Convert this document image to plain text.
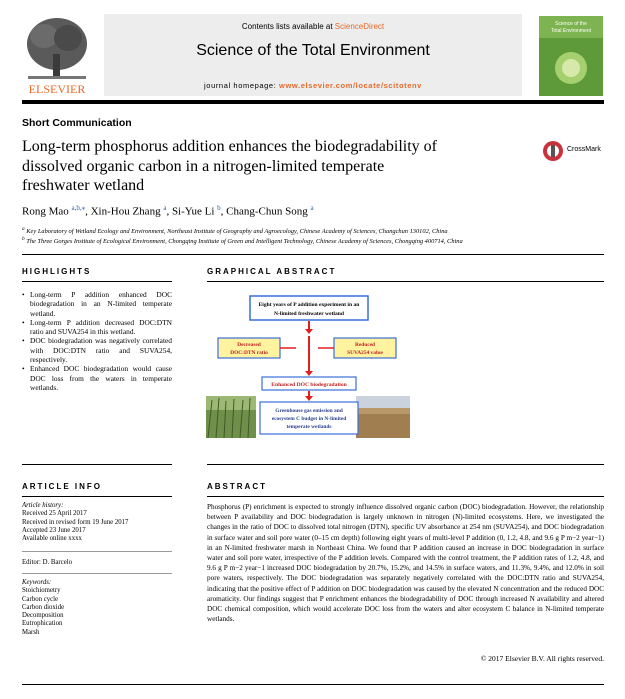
ELSEVIER
Contents lists available at ScienceDirect
Science of the Total Environment
journal homepage: www.elsevier.com/locate/scitotenv
Science of the
Total Environment
Short Communication
Long-term phosphorus addition enhances the biodegradability of
dissolved organic carbon in a nitrogen-limited temperate
freshwater wetland
CrossMark
Rong Mao $^{a,b,⁎}$, Xin-Hou Zhang $^a$, Si-Yue Li $^b$, Chang-Chun Song $^a$
$^a$ Key Laboratory of Wetland Ecology and Environment, Northeast Institute of Geography and Agroecology, Chinese Academy of Sciences, Changchun 130102, China
$^b$ The Three Gorges Institute of Ecological Environment, Chongqing Institute of Green and Intelligent Technology, Chinese Academy of Sciences, Chongqing 400714, China
HIGHLIGHTS
• Long-term P addition enhanced DOC biodegradation in an N-limited temperate wetland.
• Long-term P addition decreased DOC:DTN ratio and SUVA254 in this wetland.
• DOC biodegradation was negatively correlated with DOC:DTN ratio and SUVA254, respectively.
• Enhanced DOC biodegradation would cause DOC loss from the waters in temperate wetlands.
GRAPHICAL ABSTRACT
Eight years of P addition experiment in an
N-limited freshwater wetland
Decreased
DOC:DTN ratio
Reduced
SUVA254 value
Enhanced DOC biodegradation
Greenhouse gas emission and
ecosystem C budget in N-limited
temperate wetlands
ARTICLE INFO
Article history:
Received 25 April 2017
Received in revised form 19 June 2017
Accepted 23 June 2017
Available online xxxx
Editor: D. Barcelo
Keywords:
Stoichiometry
Carbon cycle
Carbon dioxide
Decomposition
Eutrophication
Marsh
ABSTRACT
Phosphorus (P) enrichment is expected to strongly influence dissolved organic carbon (DOC) biodegradation. However, the relationship between P availability and DOC biodegradation is largely unknown in nitrogen (N)-limited ecosystems. Here, we investigated the changes in the ratio of DOC to dissolved total nitrogen (DTN), specific UV absorbance at 254 nm (SUVA254), and DOC biodegradation in surface water and soil pore water (0–15 cm depth) following eight years of multi-level P addition (0, 1.2, 4.8, and 9.6 g P m−2 year−1) in an N-limited freshwater marsh in Northeast China. We found that P addition caused an increase in DOC biodegradation in surface water and soil pore water, irrespective of the P addition levels. Compared with the control treatment, the P addition rates of 1.2, 4.8, and 9.6 g P m−2 year−1 increased DOC biodegradation by 20.7%, 15.2%, and 14.5% in surface waters, and 11.3%, 9.4%, and 12.0% in soil pore waters, respectively. The DOC biodegradation was separately negatively correlated with the DOC:DTN ratio and SUVA254, indicating that the positive effect of P addition on DOC biodegradation was caused by the elevated N concentration and the reduced DOC aromaticity. Our findings suggest that P enrichment enhances the biodegradability of DOC through increased N availability and altered DOC chemical composition, which would accelerate DOC loss from the waters and alter ecosystem C balance in N-limited temperate wetlands.
© 2017 Elsevier B.V. All rights reserved.
